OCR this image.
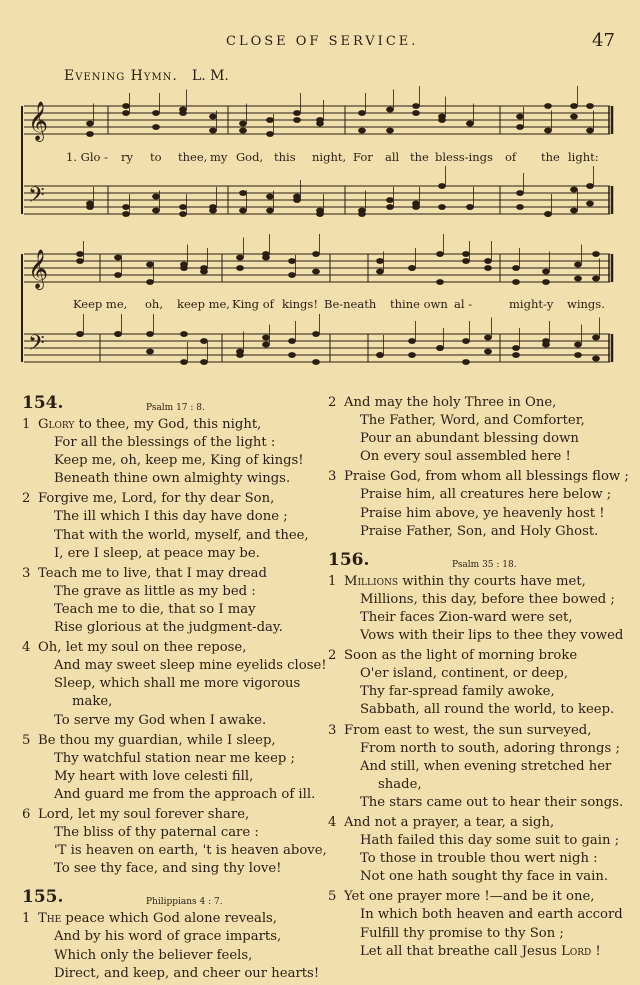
CLOSE OF SERVICE.	47
Evening Hymn. L. M.
𝄞
𝄞
𝄢
𝄢
1. Glo - ry to thee, my God, this night, For all the bless-ings of the light:
Keep me, oh, keep me, King of kings! Be-neath thine own al -	might-y wings.
154.	Psalm 17 : 8.
1 Glory to thee, my God, this night,
For all the blessings of the light :
Keep me, oh, keep me, King of kings!
Beneath thine own almighty wings.
2 Forgive me, Lord, for thy dear Son,
The ill which I this day have done ;
That with the world, myself, and thee,
I, ere I sleep, at peace may be.
3 Teach me to live, that I may dread
The grave as little as my bed :
Teach me to die, that so I may
Rise glorious at the judgment-day.
4 Oh, let my soul on thee repose,
And may sweet sleep mine eyelids close!
Sleep, which shall me more vigorous
make,
To serve my God when I awake.
5 Be thou my guardian, while I sleep,
Thy watchful station near me keep ;
My heart with love celesti fill,
And guard me from the approach of ill.
6 Lord, let my soul forever share,
The bliss of thy paternal care :
'T is heaven on earth, 't is heaven above,
To see thy face, and sing thy love!
155.	Philippians 4 : 7.
1 The peace which God alone reveals,
And by his word of grace imparts,
Which only the believer feels,
Direct, and keep, and cheer our hearts!
2 And may the holy Three in One,
The Father, Word, and Comforter,
Pour an abundant blessing down
On every soul assembled here !
3 Praise God, from whom all blessings flow ;
Praise him, all creatures here below ;
Praise him above, ye heavenly host !
Praise Father, Son, and Holy Ghost.
156.	Psalm 35 : 18.
1 Millions within thy courts have met,
Millions, this day, before thee bowed ;
Their faces Zion-ward were set,
Vows with their lips to thee they vowed
2 Soon as the light of morning broke
O'er island, continent, or deep,
Thy far-spread family awoke,
Sabbath, all round the world, to keep.
3 From east to west, the sun surveyed,
From north to south, adoring throngs ;
And still, when evening stretched her
shade,
The stars came out to hear their songs.
4 And not a prayer, a tear, a sigh,
Hath failed this day some suit to gain ;
To those in trouble thou wert nigh :
Not one hath sought thy face in vain.
5 Yet one prayer more !—and be it one,
In which both heaven and earth accord
Fulfill thy promise to thy Son ;
Let all that breathe call Jesus Lord !
